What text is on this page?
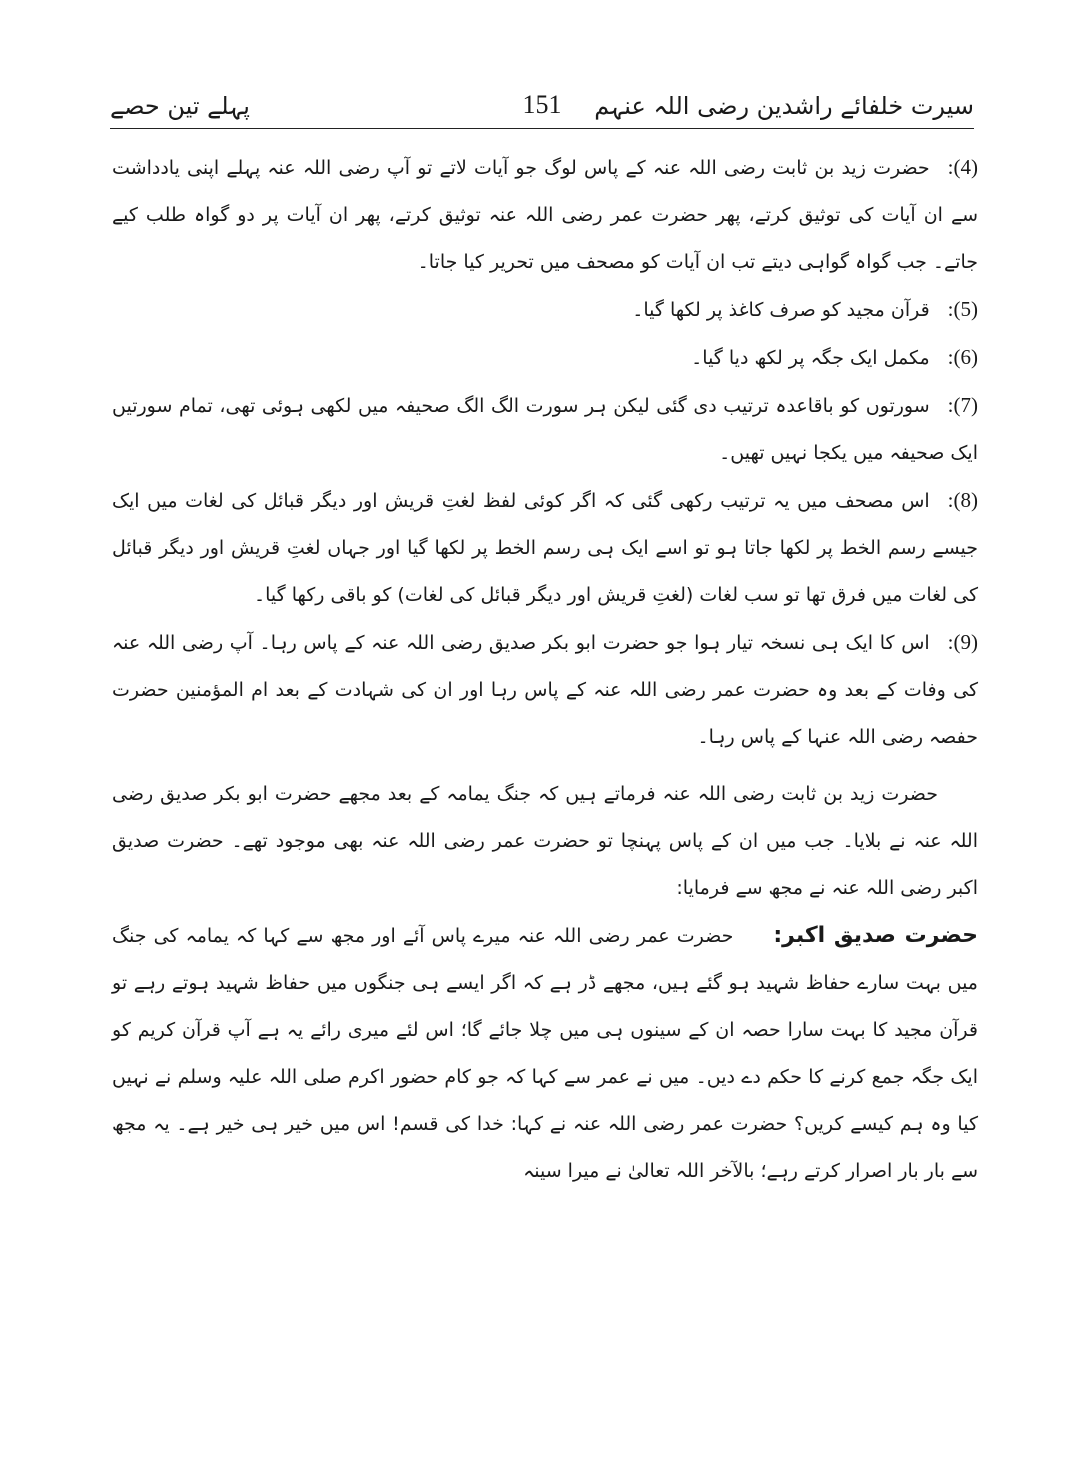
پہلے تین حصے	151 سیرت خلفائے راشدین رضی اللہ عنہم

(4):حضرت زید بن ثابت رضی اللہ عنہ کے پاس لوگ جو آیات لاتے تو آپ رضی اللہ عنہ پہلے اپنی یادداشت سے ان آیات کی توثیق کرتے، پھر حضرت عمر رضی اللہ عنہ توثیق کرتے، پھر ان آیات پر دو گواہ طلب کیے جاتے۔ جب گواہ گواہی دیتے تب ان آیات کو مصحف میں تحریر کیا جاتا۔

(5):قرآن مجید کو صرف کاغذ پر لکھا گیا۔

(6):مکمل ایک جگہ پر لکھ دیا گیا۔

(7):سورتوں کو باقاعدہ ترتیب دی گئی لیکن ہر سورت الگ الگ صحیفہ میں لکھی ہوئی تھی، تمام سورتیں ایک صحیفہ میں یکجا نہیں تھیں۔

(8):اس مصحف میں یہ ترتیب رکھی گئی کہ اگر کوئی لفظ لغتِ قریش اور دیگر قبائل کی لغات میں ایک جیسے رسم الخط پر لکھا جاتا ہو تو اسے ایک ہی رسم الخط پر لکھا گیا اور جہاں لغتِ قریش اور دیگر قبائل کی لغات میں فرق تھا تو سب لغات (لغتِ قریش اور دیگر قبائل کی لغات) کو باقی رکھا گیا۔

(9):اس کا ایک ہی نسخہ تیار ہوا جو حضرت ابو بکر صدیق رضی اللہ عنہ کے پاس رہا۔ آپ رضی اللہ عنہ کی وفات کے بعد وہ حضرت عمر رضی اللہ عنہ کے پاس رہا اور ان کی شہادت کے بعد ام المؤمنین حضرت حفصہ رضی اللہ عنہا کے پاس رہا۔

حضرت زید بن ثابت رضی اللہ عنہ فرماتے ہیں کہ جنگ یمامہ کے بعد مجھے حضرت ابو بکر صدیق رضی اللہ عنہ نے بلایا۔ جب میں ان کے پاس پہنچا تو حضرت عمر رضی اللہ عنہ بھی موجود تھے۔ حضرت صدیق اکبر رضی اللہ عنہ نے مجھ سے فرمایا:

حضرت صدیق اکبر:حضرت عمر رضی اللہ عنہ میرے پاس آئے اور مجھ سے کہا کہ یمامہ کی جنگ میں بہت سارے حفاظ شہید ہو گئے ہیں، مجھے ڈر ہے کہ اگر ایسے ہی جنگوں میں حفاظ شہید ہوتے رہے تو قرآن مجید کا بہت سارا حصہ ان کے سینوں ہی میں چلا جائے گا؛ اس لئے میری رائے یہ ہے آپ قرآن کریم کو ایک جگہ جمع کرنے کا حکم دے دیں۔ میں نے عمر سے کہا کہ جو کام حضور اکرم صلی اللہ علیہ وسلم نے نہیں کیا وہ ہم کیسے کریں؟ حضرت عمر رضی اللہ عنہ نے کہا: خدا کی قسم! اس میں خیر ہی خیر ہے۔ یہ مجھ سے بار بار اصرار کرتے رہے؛ بالآخر اللہ تعالیٰ نے میرا سینہ
